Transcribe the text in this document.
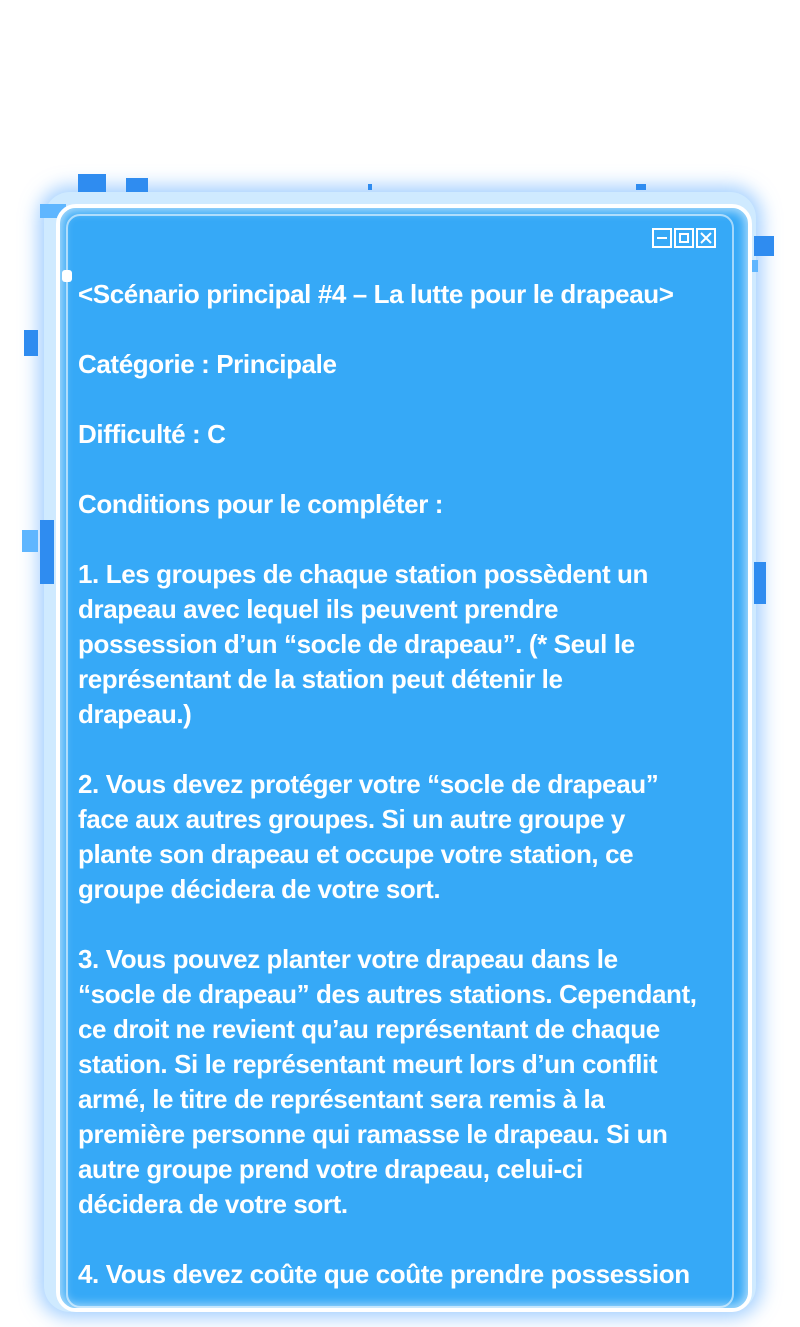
<Scénario principal #4 – La lutte pour le drapeau>

Catégorie : Principale

Difficulté : C

Conditions pour le compléter :

1. Les groupes de chaque station possèdent un
drapeau avec lequel ils peuvent prendre
possession d’un “socle de drapeau”. (* Seul le
représentant de la station peut détenir le
drapeau.)

2. Vous devez protéger votre “socle de drapeau”
face aux autres groupes. Si un autre groupe y
plante son drapeau et occupe votre station, ce
groupe décidera de votre sort.

3. Vous pouvez planter votre drapeau dans le
“socle de drapeau” des autres stations. Cependant,
ce droit ne revient qu’au représentant de chaque
station. Si le représentant meurt lors d’un conflit
armé, le titre de représentant sera remis à la
première personne qui ramasse le drapeau. Si un
autre groupe prend votre drapeau, celui-ci
décidera de votre sort.

4. Vous devez coûte que coûte prendre possession
